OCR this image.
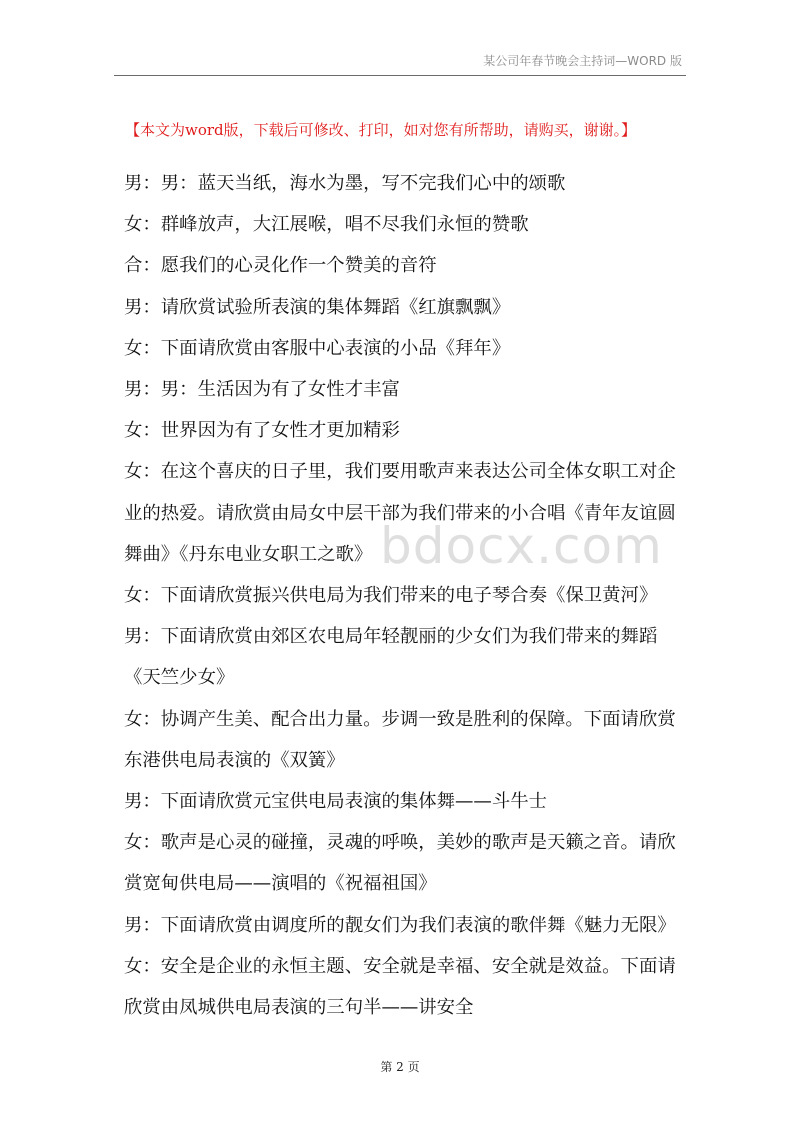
某公司年春节晚会主持词—WORD 版
【本文为word版，下载后可修改、打印，如对您有所帮助，请购买，谢谢。】

男：男：蓝天当纸，海水为墨，写不完我们心中的颂歌

女：群峰放声，大江展喉，唱不尽我们永恒的赞歌

合：愿我们的心灵化作一个赞美的音符

男：请欣赏试验所表演的集体舞蹈《红旗飘飘》

女：下面请欣赏由客服中心表演的小品《拜年》

男：男：生活因为有了女性才丰富

女：世界因为有了女性才更加精彩

女：在这个喜庆的日子里，我们要用歌声来表达公司全体女职工对企业的热爱。请欣赏由局女中层干部为我们带来的小合唱《青年友谊圆舞曲》《丹东电业女职工之歌》

女：下面请欣赏振兴供电局为我们带来的电子琴合奏《保卫黄河》

男：下面请欣赏由郊区农电局年轻靓丽的少女们为我们带来的舞蹈《天竺少女》

女：协调产生美、配合出力量。步调一致是胜利的保障。下面请欣赏东港供电局表演的《双簧》

男：下面请欣赏元宝供电局表演的集体舞——斗牛士

女：歌声是心灵的碰撞，灵魂的呼唤，美妙的歌声是天籁之音。请欣赏宽甸供电局——演唱的《祝福祖国》

男：下面请欣赏由调度所的靓女们为我们表演的歌伴舞《魅力无限》

女：安全是企业的永恒主题、安全就是幸福、安全就是效益。下面请欣赏由凤城供电局表演的三句半——讲安全

bdocx.com
第 2 页
